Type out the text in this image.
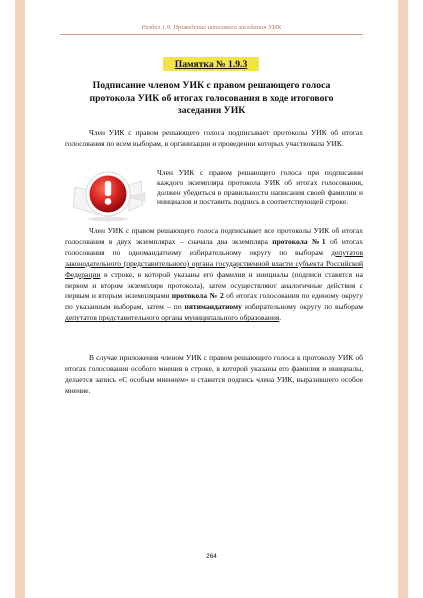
Раздел 1.9. Проведение итогового заседания УИК
Памятка № 1.9.3
Подписание членом УИК с правом решающего голоса
протокола УИК об итогах голосования в ходе итогового
заседания УИК

Член УИК с правом решающего голоса подписывает протоколы УИК об итогах голосования по всем выборам, в организации и проведении которых участвовала УИК.

Член УИК с правом решающего голоса при подписании каждого экземпляра протокола УИК об итогах голосования, должен убедиться в правильности написания своей фамилии и инициалов и поставить подпись в соответствующей строке.

Член УИК с правом решающего голоса подписывает все протоколы УИК об итогах голосования в двух экземплярах – сначала два экземпляра протокола №1 об итогах голосования по одномандатному избирательному округу по выборам депутатов законодательного (представительного) органа государственной власти субъекта Российской Федерации в строке, в которой указаны его фамилия и инициалы (подписи ставятся на первом и втором экземпляре протокола), затем осуществляют аналогичные действия с первым и вторым экземплярами протокола № 2 об итогах голосования по единому округу по указанным выборам, затем – по пятимандатному избирательному округу по выборам депутатов представительного органа муниципального образования.

В случае приложения членом УИК с правом решающего голоса к протоколу УИК об итогах голосования особого мнения в строке, в которой указаны его фамилия и инициалы, делается запись «С особым мнением» и ставится подпись члена УИК, выразившего особое мнение.

264
